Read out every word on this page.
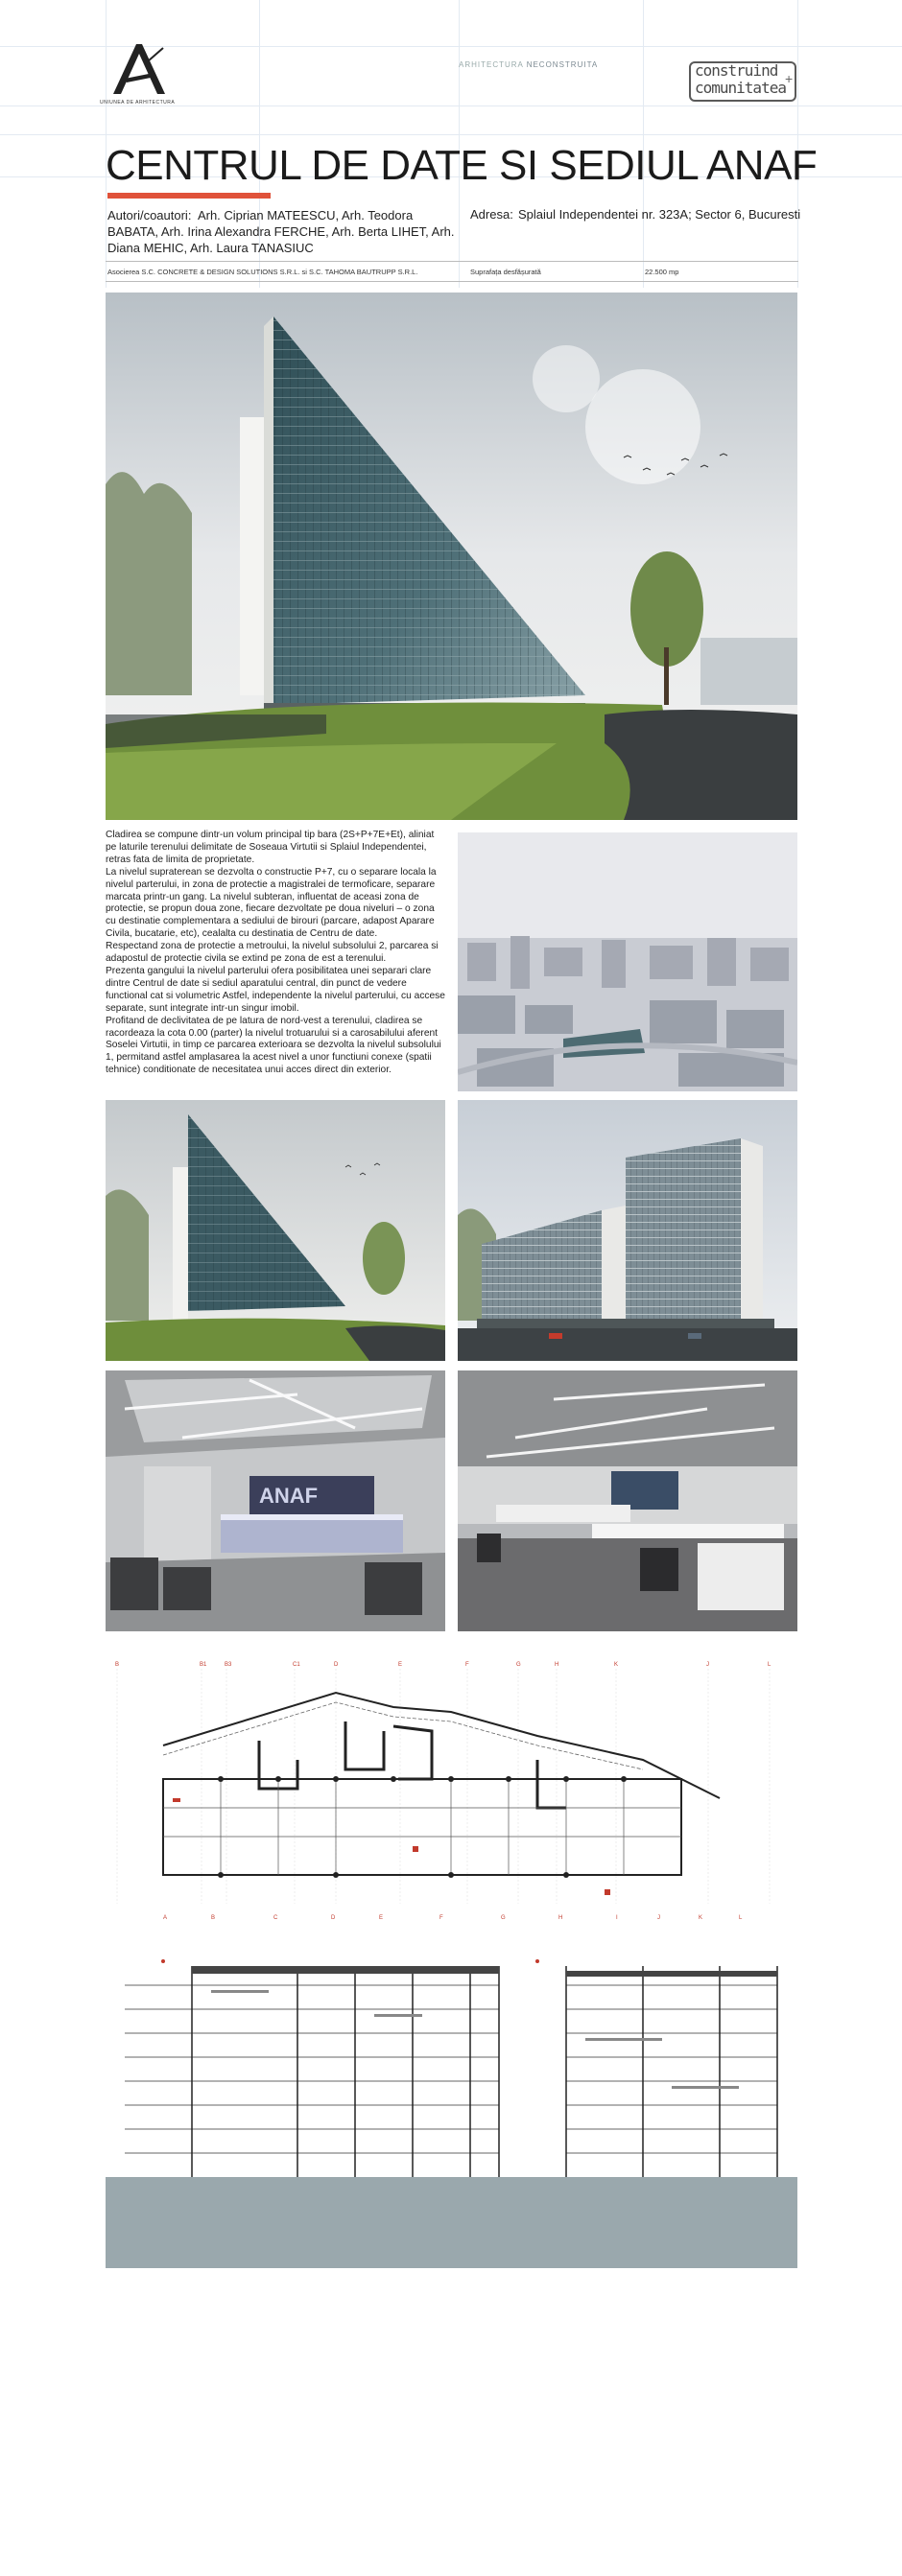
UNIUNEA DE ARHITECTURA
ARHITECTURA NECONSTRUITA	construind
comunitatea +
CENTRUL DE DATE SI SEDIUL ANAF
Autori/coautori: Arh. Ciprian MATEESCU, Arh. Teodora BABATA, Arh. Irina Alexandra FERCHE, Arh. Berta LIHET, Arh. Diana MEHIC, Arh. Laura TANASIUC
Adresa: Splaiul Independentei nr. 323A; Sector 6, Bucuresti
Asocierea S.C. CONCRETE & DESIGN SOLUTIONS S.R.L. si S.C. TAHOMA BAUTRUPP S.R.L.	Suprafața desfășurată	22.500 mp

Cladirea se compune dintr-un volum principal tip bara (2S+P+7E+Et), aliniat pe laturile terenului delimitate de Soseaua Virtutii si Splaiul Independentei, retras fata de limita de proprietate.

La nivelul supraterean se dezvolta o constructie P+7, cu o separare locala la nivelul parterului, in zona de protectie a magistralei de termoficare, separare marcata printr-un gang. La nivelul subteran, influentat de aceasi zona de protectie, se propun doua zone, fiecare dezvoltate pe doua niveluri – o zona cu destinatie complementara a sediului de birouri (parcare, adapost Aparare Civila, bucatarie, etc), cealalta cu destinatia de Centru de date.

Respectand zona de protectie a metroului, la nivelul subsolului 2, parcarea si adapostul de protectie civila se extind pe zona de est a terenului.

Prezenta gangului la nivelul parterului ofera posibilitatea unei separari clare dintre Centrul de date si sediul aparatului central, din punct de vedere functional cat si volumetric Astfel, independente la nivelul parterului, cu accese separate, sunt integrate intr-un singur imobil.

Profitand de declivitatea de pe latura de nord-vest a terenului, cladirea se racordeaza la cota 0.00 (parter) la nivelul trotuarului si a carosabilului aferent Soselei Virtutii, in timp ce parcarea exterioara se dezvolta la nivelul subsolului 1, permitand astfel amplasarea la acest nivel a unor functiuni conexe (spatii tehnice) conditionate de necesitatea unui acces direct din exterior.

ANAF
B	B1	B3	C1	D	E	F	G	H	K	J	L
A	B	C	D	E	F	G	H	I	J	K	L
